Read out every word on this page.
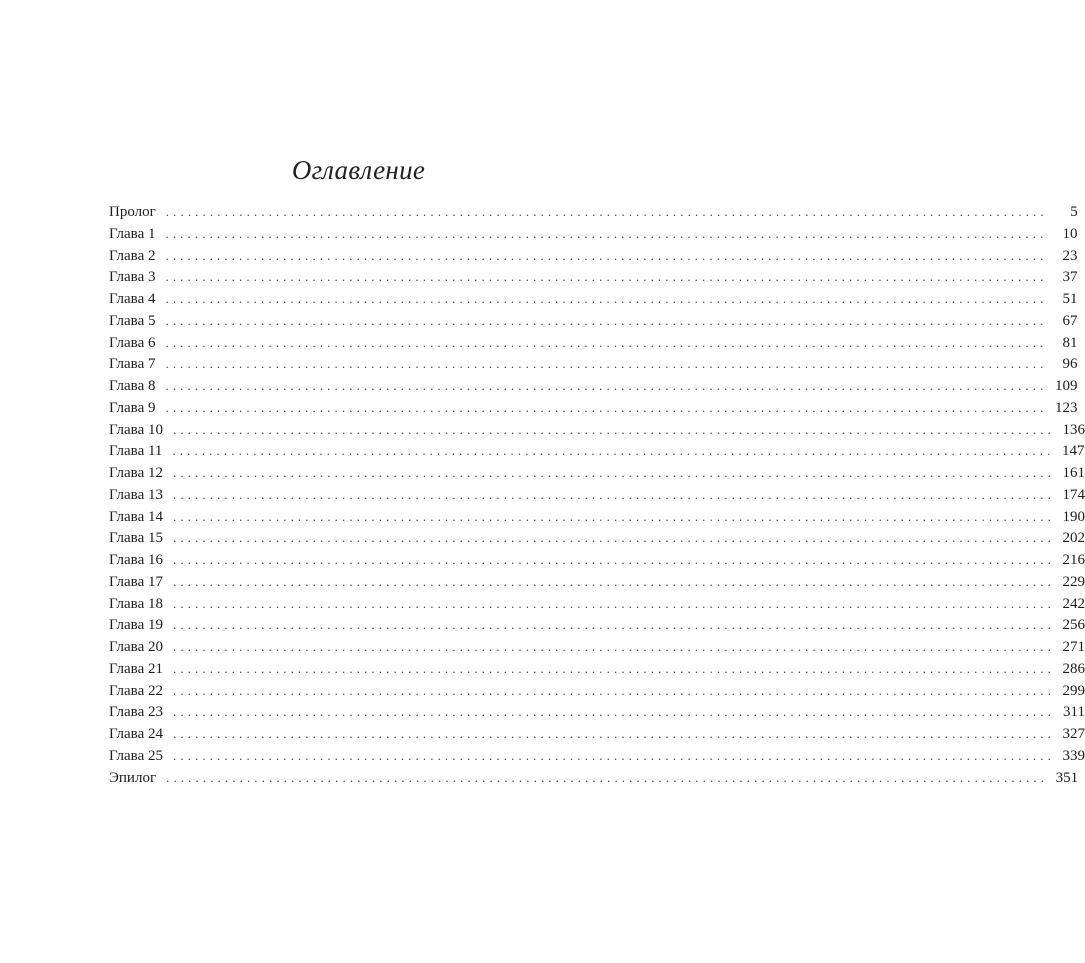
Оглавление
Пролог ........................................................................................................................	5
Глава 1 ........................................................................................................................	10
Глава 2 ........................................................................................................................	23
Глава 3 ........................................................................................................................	37
Глава 4 ........................................................................................................................	51
Глава 5 ........................................................................................................................	67
Глава 6 ........................................................................................................................	81
Глава 7 ........................................................................................................................	96
Глава 8 ........................................................................................................................ 109
Глава 9 ........................................................................................................................ 123
Глава 10 ........................................................................................................................ 136
Глава 11 ........................................................................................................................ 147
Глава 12 ........................................................................................................................ 161
Глава 13 ........................................................................................................................ 174
Глава 14 ........................................................................................................................ 190
Глава 15 ........................................................................................................................ 202
Глава 16 ........................................................................................................................ 216
Глава 17 ........................................................................................................................ 229
Глава 18 ........................................................................................................................ 242
Глава 19 ........................................................................................................................ 256
Глава 20 ........................................................................................................................ 271
Глава 21 ........................................................................................................................ 286
Глава 22 ........................................................................................................................ 299
Глава 23 ........................................................................................................................ 311
Глава 24 ........................................................................................................................ 327
Глава 25 ........................................................................................................................ 339
Эпилог ........................................................................................................................ 351
